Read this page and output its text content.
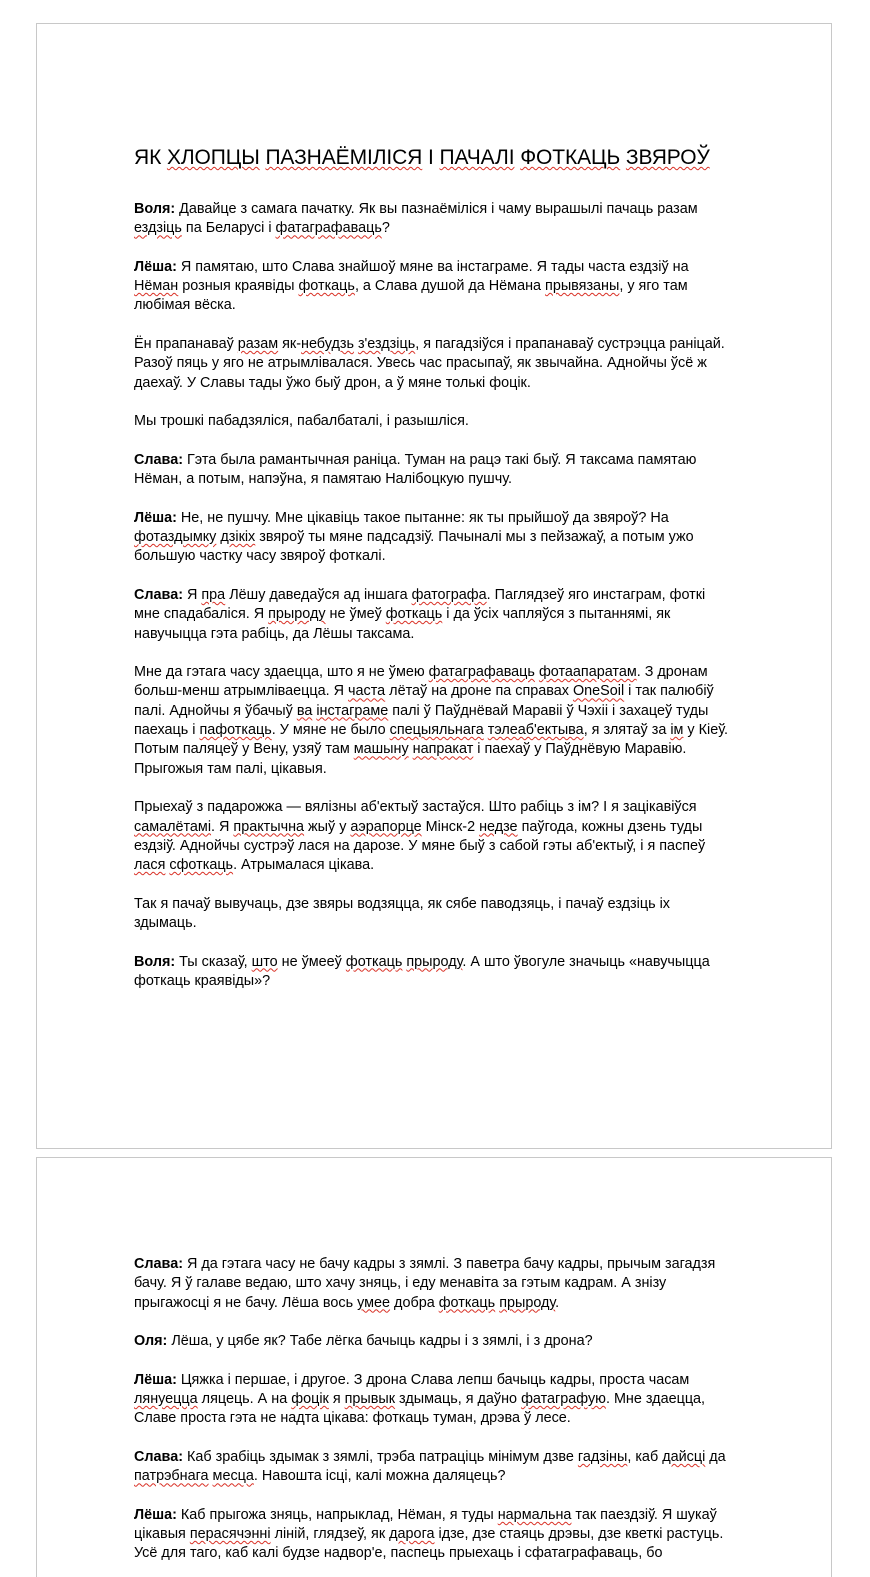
ЯК ХЛОПЦЫ ПАЗНАЁМІЛІСЯ І ПАЧАЛІ ФОТКАЦЬ ЗВЯРОЎ

Воля: Давайце з самага пачатку. Як вы пазнаёміліся і чаму вырашылі пачаць разам ездзіць па Беларусі і фатаграфаваць?

Лёша: Я памятаю, што Слава знайшоў мяне ва інстаграме. Я тады часта ездзіў на Нёман розныя краявіды фоткаць, а Слава душой да Нёмана прывязаны, у яго там любімая вёска.

Ён прапанаваў разам як-небудзь з'ездзіць, я пагадзіўся і прапанаваў сустрэцца раніцай. Разоў пяць у яго не атрымлівалася. Увесь час прасыпаў, як звычайна. Аднойчы ўсё ж даехаў. У Славы тады ўжо быў дрон, а ў мяне толькі фоцік.

Мы трошкі пабадзяліся, пабалбаталі, і разышліся.

Слава: Гэта была рамантычная раніца. Туман на рацэ такі быў. Я таксама памятаю Нёман, а потым, напэўна, я памятаю Налібоцкую пушчу.

Лёша: Не, не пушчу. Мне цікавіць такое пытанне: як ты прыйшоў да звяроў? На фотаздымку дзікіх звяроў ты мяне падсадзіў. Пачыналі мы з пейзажаў, а потым ужо большую частку часу звяроў фоткалі.

Слава: Я пра Лёшу даведаўся ад іншага фатографа. Паглядзеў яго инстаграм, фоткі мне спадабаліся. Я прыроду не ўмеў фоткаць і да ўсіх чапляўся з пытаннямі, як навучыцца гэта рабіць, да Лёшы таксама.

Мне да гэтага часу здаецца, што я не ўмею фатаграфаваць фотаапаратам. З дронам больш-менш атрымліваецца. Я часта лётаў на дроне па справах OneSoil і так палюбіў палі. Аднойчы я ўбачыў ва інстаграме палі ў Паўднёвай Маравіі ў Чэхіі і захацеў туды паехаць і пафоткаць. У мяне не было спецыяльнага тэлеаб'ектыва, я злятаў за ім у Кіеў. Потым паляцеў у Вену, узяў там машыну напракат і паехаў у Паўднёвую Маравію. Прыгожыя там палі, цікавыя.

Прыехаў з падарожжа — вялізны аб'ектыў застаўся. Што рабіць з ім? І я зацікавіўся самалётамі. Я практычна жыў у аэрапорце Мінск-2 недзе паўгода, кожны дзень туды ездзіў. Аднойчы сустрэў лася на дарозе. У мяне быў з сабой гэты аб'ектыў, і я паспеў лася сфоткаць. Атрымалася цікава.

Так я пачаў вывучаць, дзе звяры водзяцца, як сябе паводзяць, і пачаў ездзіць іх здымаць.

Воля: Ты сказаў, што не ўмееў фоткаць прыроду. А што ўвогуле значыць «навучыцца фоткаць краявіды»?

Слава: Я да гэтага часу не бачу кадры з зямлі. З паветра бачу кадры, прычым загадзя бачу. Я ў галаве ведаю, што хачу зняць, і еду менавіта за гэтым кадрам. А знізу прыгажосці я не бачу. Лёша вось умее добра фоткаць прыроду.

Оля: Лёша, у цябе як? Табе лёгка бачыць кадры і з зямлі, і з дрона?

Лёша: Цяжка і першае, і другое. З дрона Слава лепш бачыць кадры, проста часам лянуецца ляцець. А на фоцік я прывык здымаць, я даўно фатаграфую. Мне здаецца, Славе проста гэта не надта цікава: фоткаць туман, дрэва ў лесе.

Слава: Каб зрабіць здымак з зямлі, трэба патраціць мінімум дзве гадзіны, каб дайсці да патрэбнага месца. Навошта ісці, калі можна даляцець?

Лёша: Каб прыгожа зняць, напрыклад, Нёман, я туды нармальна так паездзіў. Я шукаў цікавыя перасячэнні ліній, глядзеў, як дарога ідзе, дзе стаяць дрэвы, дзе кветкі растуць. Усё для таго, каб калі будзе надвор'е, паспець прыехаць і сфатаграфаваць, бо
